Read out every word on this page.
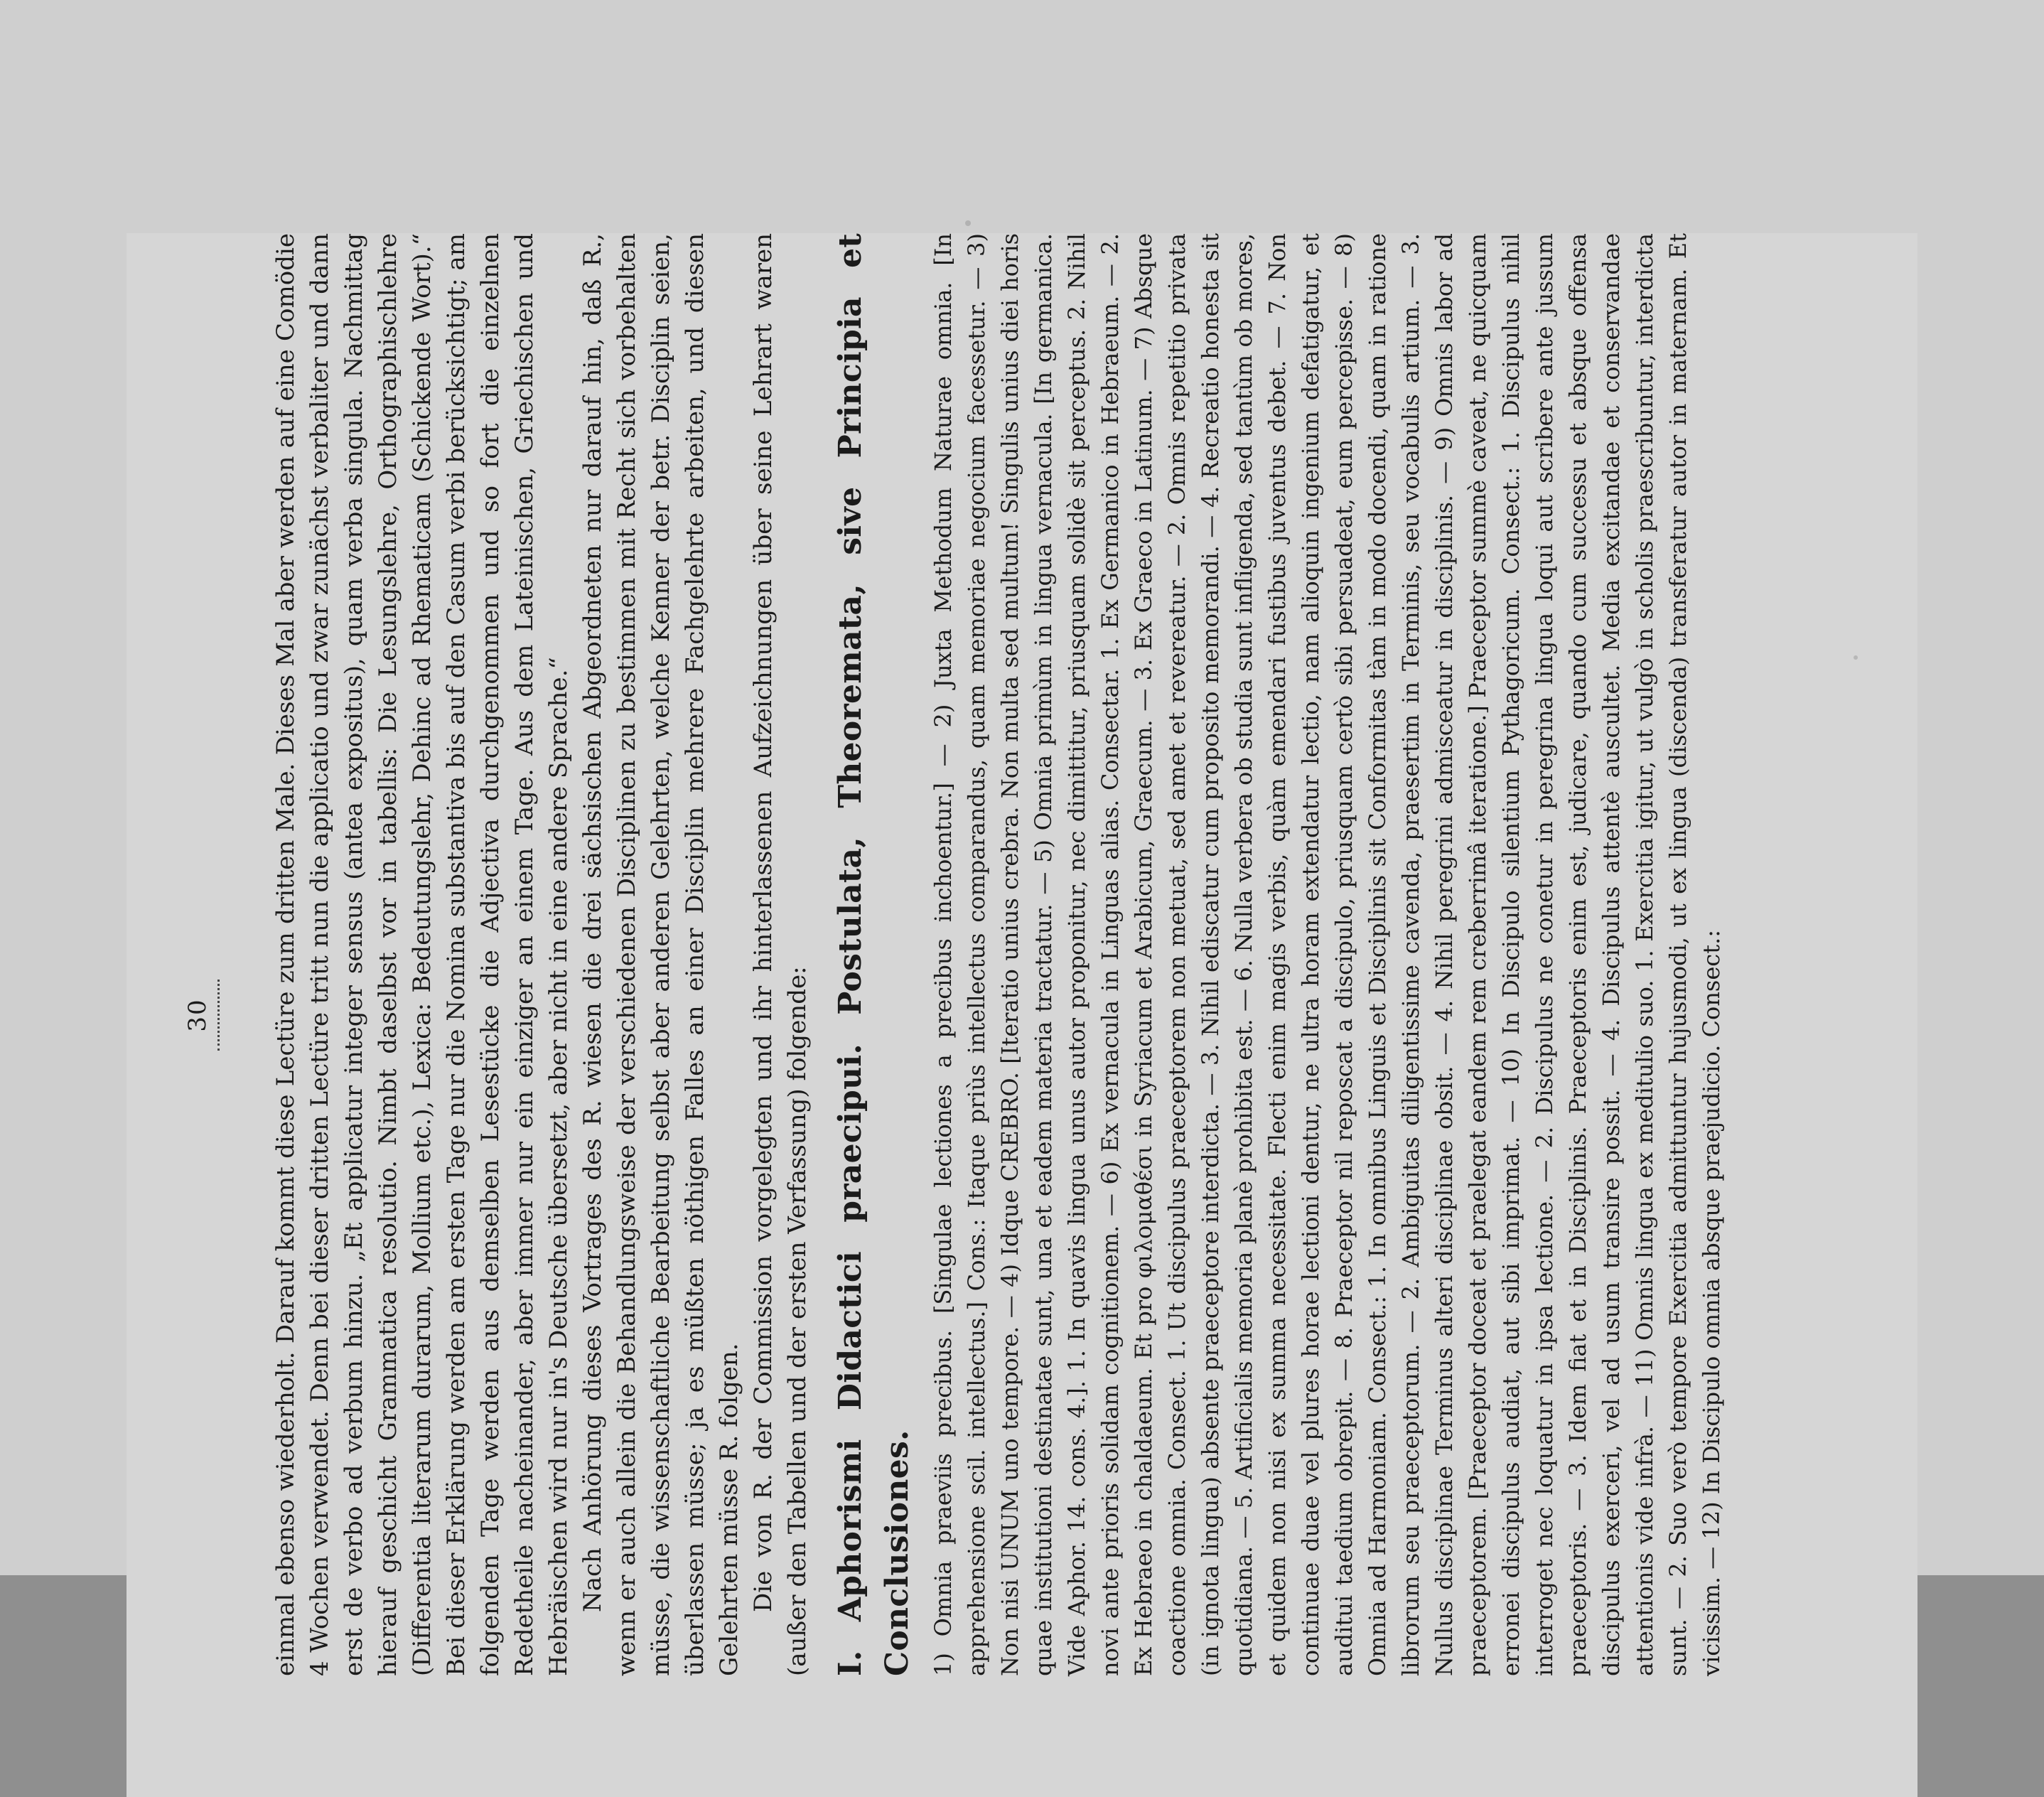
30 einmal ebenso wiederholt. Darauf kommt diese Lectüre zum dritten Male. Dieses Mal aber werden auf eine Comödie 4 Wochen verwendet. Denn bei dieser dritten Lectüre tritt nun die applicatio und zwar zunächst verbaliter und dann erst de verbo ad verbum hinzu. „Et applicatur integer sensus (antea expositus), quam verba singula. Nachmittag hierauf geschicht Grammatica resolutio. Nimbt daselbst vor in tabellis: Die Lesungslehre, Orthographischlehre (Differentia literarum durarum, Mollium etc.), Lexica: Bedeutungslehr, Dehinc ad Rhematicam (Schickende Wort).“ Bei dieser Erklärung werden am ersten Tage nur die Nomina substantiva bis auf den Casum verbi berücksichtigt; am folgenden Tage werden aus demselben Lesestücke die Adjectiva durchgenommen und so fort die einzelnen Redetheile nacheinander, aber immer nur ein einziger an einem Tage. Aus dem Lateinischen, Griechischen und Hebräischen wird nur in's Deutsche übersetzt, aber nicht in eine andere Sprache.“ Nach Anhörung dieses Vortrages des R. wiesen die drei sächsischen Abgeordneten nur darauf hin, daß R., wenn er auch allein die Behandlungsweise der verschiedenen Disciplinen zu bestimmen mit Recht sich vorbehalten müsse, die wissenschaftliche Bearbeitung selbst aber anderen Gelehrten, welche Kenner der betr. Disciplin seien, überlassen müsse; ja es müßten nöthigen Falles an einer Disciplin mehrere Fachgelehrte arbeiten, und diesen Gelehrten müsse R. folgen. Die von R. der Commission vorgelegten und ihr hinterlassenen Aufzeichnungen über seine Lehrart waren (außer den Tabellen und der ersten Verfassung) folgende: I. Aphorismi Didactici praecipui. Postulata, Theoremata, sive Principia et Conclusiones. 1) Omnia praeviis precibus. [Singulae lectiones a precibus inchoentur.] — 2) Juxta Methodum Naturae omnia. [In apprehensione scil. intellectus.] Cons.: Itaque priùs intellectus comparandus, quam memoriae negocium facessetur. — 3) Non nisi UNUM uno tempore. — 4) Idque CREBRO. [Iteratio unius crebra. Non multa sed multum! Singulis unius diei horis quae institutioni destinatae sunt, una et eadem materia tractatur. — 5) Omnia primùm in lingua vernacula. [In germanica. Vide Aphor. 14. cons. 4.]. 1. In quavis lingua unus autor proponitur, nec dimittitur, priusquam solidè sit perceptus. 2. Nihil novi ante prioris solidam cognitionem. — 6) Ex vernacula in Linguas alias. Consectar. 1. Ex Germanico in Hebraeum. — 2. Ex Hebraeo in chaldaeum. Et pro φιλομαθέσι in Syriacum et Arabicum, Graecum. — 3. Ex Graeco in Latinum. — 7) Absque coactione omnia. Consect. 1. Ut discipulus praeceptorem non metuat, sed amet et revereatur. — 2. Omnis repetitio privata (in ignota lingua) absente praeceptore interdicta. — 3. Nihil ediscatur cum proposito memorandi. — 4. Recreatio honesta sit quotidiana. — 5. Artificialis memoria planè prohibita est. — 6. Nulla verbera ob studia sunt infligenda, sed tantùm ob mores, et quidem non nisi ex summa necessitate. Flecti enim magis verbis, quàm emendari fustibus juventus debet. — 7. Non continuae duae vel plures horae lectioni dentur, ne ultra horam extendatur lectio, nam alioquin ingenium defatigatur, et auditui taedium obrepit. — 8. Praeceptor nil reposcat a discipulo, priusquam certò sibi persuadeat, eum percepisse. — 8) Omnia ad Harmoniam. Consect.: 1. In omnibus Linguis et Disciplinis sit Conformitas tàm in modo docendi, quam in ratione librorum seu praeceptorum. — 2. Ambiguitas diligentissime cavenda, praesertim in Terminis, seu vocabulis artium. — 3. Nullus disciplinae Terminus alteri disciplinae obsit. — 4. Nihil peregrini admisceatur in disciplinis. — 9) Omnis labor ad praeceptorem. [Praeceptor doceat et praelegat eandem rem creberrimâ iteratione.] Praeceptor summè caveat, ne quicquam erronei discipulus audiat, aut sibi imprimat. — 10) In Discipulo silentium Pythagoricum. Consect.: 1. Discipulus nihil interroget nec loquatur in ipsa lectione. — 2. Discipulus ne conetur in peregrina lingua loqui aut scribere ante jussum praeceptoris. — 3. Idem fiat et in Disciplinis. Praeceptoris enim est, judicare, quando cum successu et absque offensa discipulus exerceri, vel ad usum transire possit. — 4. Discipulus attentè auscultet. Media excitandae et conservandae attentionis vide infrà. — 11) Omnis lingua ex meditulio suo. 1. Exercitia igitur, ut vulgò in scholis praescribuntur, interdicta sunt. — 2. Suo verò tempore Exercitia admittuntur hujusmodi, ut ex lingua (discenda) transferatur autor in maternam. Et vicissim. — 12) In Discipulo omnia absque praejudicio. Consect.:
